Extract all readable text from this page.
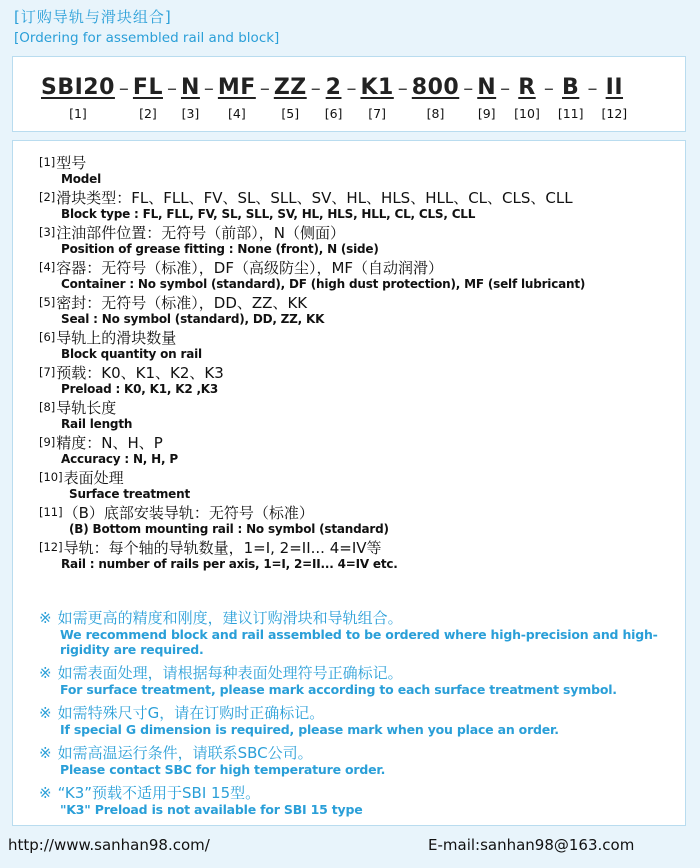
[订购导轨与滑块组合]
[Ordering for assembled rail and block]
SBI20
[1]
– FL
[2]
– N
[3]
– MF
[4]
– ZZ
[5]
– 2
[6]
– K1
[7]
– 800
[8]
– N
[9]
– R
[10]
– B
[11]
– II
[12]
[1]型号
Model
[2]滑块类型：FL、FLL、FV、SL、SLL、SV、HL、HLS、HLL、CL、CLS、CLL
Block type : FL, FLL, FV, SL, SLL, SV, HL, HLS, HLL, CL, CLS, CLL
[3]注油部件位置：无符号（前部），N（侧面）
Position of grease fitting : None (front), N (side)
[4]容器：无符号（标准），DF（高级防尘），MF（自动润滑）
Container : No symbol (standard), DF (high dust protection), MF (self lubricant)
[5]密封：无符号（标准），DD、ZZ、KK
Seal : No symbol (standard), DD, ZZ, KK
[6]导轨上的滑块数量
Block quantity on rail
[7]预载：K0、K1、K2、K3
Preload : K0, K1, K2 ,K3
[8]导轨长度
Rail length
[9]精度：N、H、P
Accuracy : N, H, P
[10]表面处理
Surface treatment
[11]（B）底部安装导轨：无符号（标准）
(B) Bottom mounting rail : No symbol (standard)
[12]导轨：每个轴的导轨数量，1=I, 2=II... 4=IV等
Rail : number of rails per axis, 1=I, 2=II... 4=IV etc.
※ 如需更高的精度和刚度，建议订购滑块和导轨组合。
We recommend block and rail assembled to be ordered where high-precision and high-rigidity are required.
※ 如需表面处理，请根据每种表面处理符号正确标记。
For surface treatment, please mark according to each surface treatment symbol.
※ 如需特殊尺寸G，请在订购时正确标记。
If special G dimension is required, please mark when you place an order.
※ 如需高温运行条件，请联系SBC公司。
Please contact SBC for high temperature order.
※ “K3”预载不适用于SBI 15型。
"K3" Preload is not available for SBI 15 type
http://www.sanhan98.com/	E-mail:sanhan98@163.com
